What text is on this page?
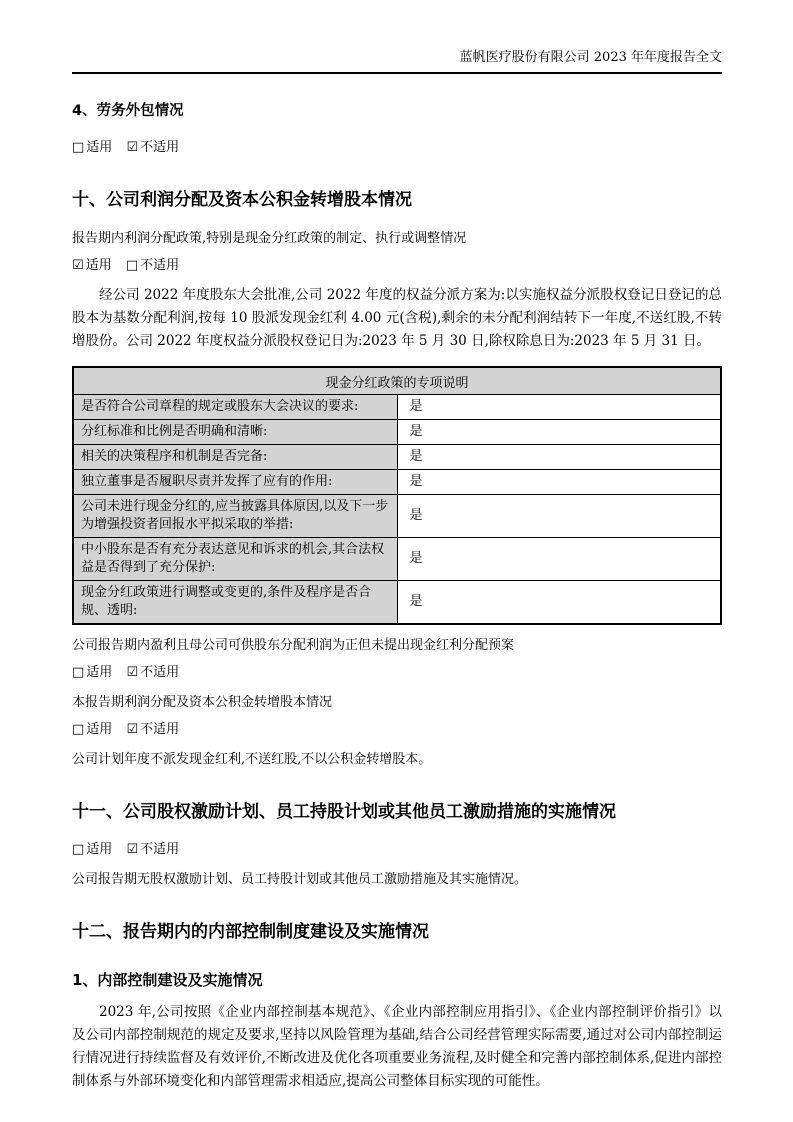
蓝帆医疗股份有限公司 2023 年年度报告全文
4、劳务外包情况

□ 适用 ☑ 不适用

十、公司利润分配及资本公积金转增股本情况

报告期内利润分配政策,特别是现金分红政策的制定、执行或调整情况

☑ 适用 □ 不适用

经公司 2022 年度股东大会批准,公司 2022 年度的权益分派方案为:以实施权益分派股权登记日登记的总股本为基数分配利润,按每 10 股派发现金红利 4.00 元(含税),剩余的未分配利润结转下一年度,不送红股,不转增股份。公司 2022 年度权益分派股权登记日为:2023 年 5 月 30 日,除权除息日为:2023 年 5 月 31 日。

现金分红政策的专项说明	
是否符合公司章程的规定或股东大会决议的要求:	是
分红标准和比例是否明确和清晰:	是
相关的决策程序和机制是否完备:	是
独立董事是否履职尽责并发挥了应有的作用:	是
公司未进行现金分红的,应当披露具体原因,以及下一步为增强投资者回报水平拟采取的举措:	是
中小股东是否有充分表达意见和诉求的机会,其合法权益是否得到了充分保护:	是
现金分红政策进行调整或变更的,条件及程序是否合规、透明:	是

公司报告期内盈利且母公司可供股东分配利润为正但未提出现金红利分配预案

□ 适用 ☑ 不适用

本报告期利润分配及资本公积金转增股本情况

□ 适用 ☑ 不适用

公司计划年度不派发现金红利,不送红股,不以公积金转增股本。

十一、公司股权激励计划、员工持股计划或其他员工激励措施的实施情况

□ 适用 ☑ 不适用

公司报告期无股权激励计划、员工持股计划或其他员工激励措施及其实施情况。

十二、报告期内的内部控制制度建设及实施情况
1、内部控制建设及实施情况

2023 年,公司按照《企业内部控制基本规范》、《企业内部控制应用指引》、《企业内部控制评价指引》以及公司内部控制规范的规定及要求,坚持以风险管理为基础,结合公司经营管理实际需要,通过对公司内部控制运行情况进行持续监督及有效评价,不断改进及优化各项重要业务流程,及时健全和完善内部控制体系,促进内部控制体系与外部环境变化和内部管理需求相适应,提高公司整体目标实现的可能性。
